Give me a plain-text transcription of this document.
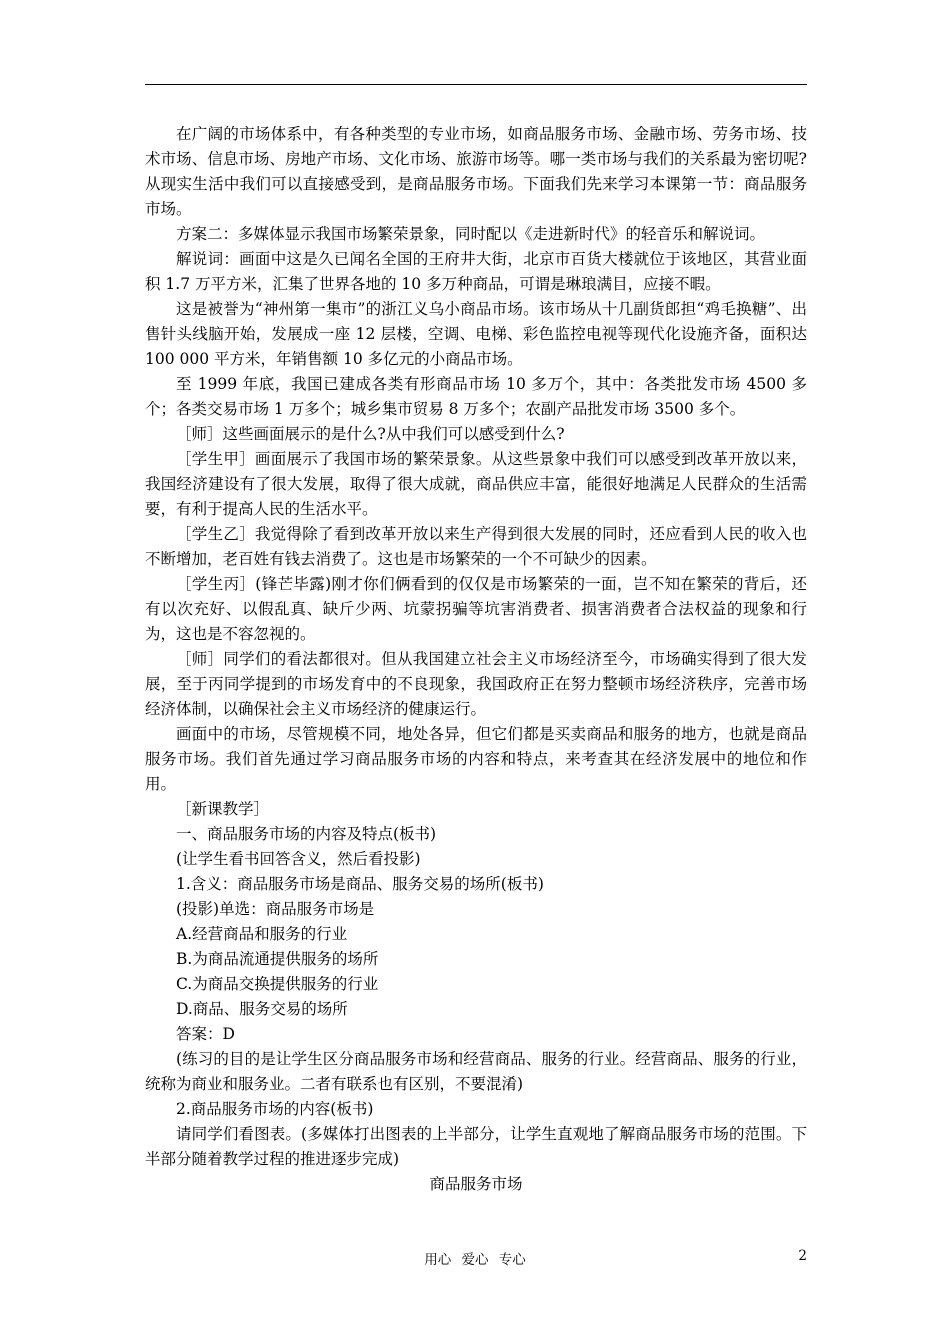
在广阔的市场体系中，有各种类型的专业市场，如商品服务市场、金融市场、劳务市场、技术市场、信息市场、房地产市场、文化市场、旅游市场等。哪一类市场与我们的关系最为密切呢?从现实生活中我们可以直接感受到，是商品服务市场。下面我们先来学习本课第一节：商品服务市场。

方案二：多媒体显示我国市场繁荣景象，同时配以《走进新时代》的轻音乐和解说词。

解说词：画面中这是久已闻名全国的王府井大街，北京市百货大楼就位于该地区，其营业面积 1.7 万平方米，汇集了世界各地的 10 多万种商品，可谓是琳琅满目，应接不暇。

这是被誉为“神州第一集市”的浙江义乌小商品市场。该市场从十几副货郎担“鸡毛换糖”、出售针头线脑开始，发展成一座 12 层楼，空调、电梯、彩色监控电视等现代化设施齐备，面积达 100 000 平方米，年销售额 10 多亿元的小商品市场。

至 1999 年底，我国已建成各类有形商品市场 10 多万个，其中：各类批发市场 4500 多个；各类交易市场 1 万多个；城乡集市贸易 8 万多个；农副产品批发市场 3500 多个。

［师］这些画面展示的是什么?从中我们可以感受到什么?

［学生甲］画面展示了我国市场的繁荣景象。从这些景象中我们可以感受到改革开放以来，我国经济建设有了很大发展，取得了很大成就，商品供应丰富，能很好地满足人民群众的生活需要，有利于提高人民的生活水平。

［学生乙］我觉得除了看到改革开放以来生产得到很大发展的同时，还应看到人民的收入也不断增加，老百姓有钱去消费了。这也是市场繁荣的一个不可缺少的因素。

［学生丙］(锋芒毕露)刚才你们俩看到的仅仅是市场繁荣的一面，岂不知在繁荣的背后，还有以次充好、以假乱真、缺斤少两、坑蒙拐骗等坑害消费者、损害消费者合法权益的现象和行为，这也是不容忽视的。

［师］同学们的看法都很对。但从我国建立社会主义市场经济至今，市场确实得到了很大发展，至于丙同学提到的市场发育中的不良现象，我国政府正在努力整顿市场经济秩序，完善市场经济体制，以确保社会主义市场经济的健康运行。

画面中的市场，尽管规模不同，地处各异，但它们都是买卖商品和服务的地方，也就是商品服务市场。我们首先通过学习商品服务市场的内容和特点，来考查其在经济发展中的地位和作用。

［新课教学］

一、商品服务市场的内容及特点(板书)

(让学生看书回答含义，然后看投影)

1.含义：商品服务市场是商品、服务交易的场所(板书)

(投影)单选：商品服务市场是

A.经营商品和服务的行业

B.为商品流通提供服务的场所

C.为商品交换提供服务的行业

D.商品、服务交易的场所

答案：D

(练习的目的是让学生区分商品服务市场和经营商品、服务的行业。经营商品、服务的行业，统称为商业和服务业。二者有联系也有区别，不要混淆)

2.商品服务市场的内容(板书)

请同学们看图表。(多媒体打出图表的上半部分，让学生直观地了解商品服务市场的范围。下半部分随着教学过程的推进逐步完成)

商品服务市场

用心 爱心 专心	2
